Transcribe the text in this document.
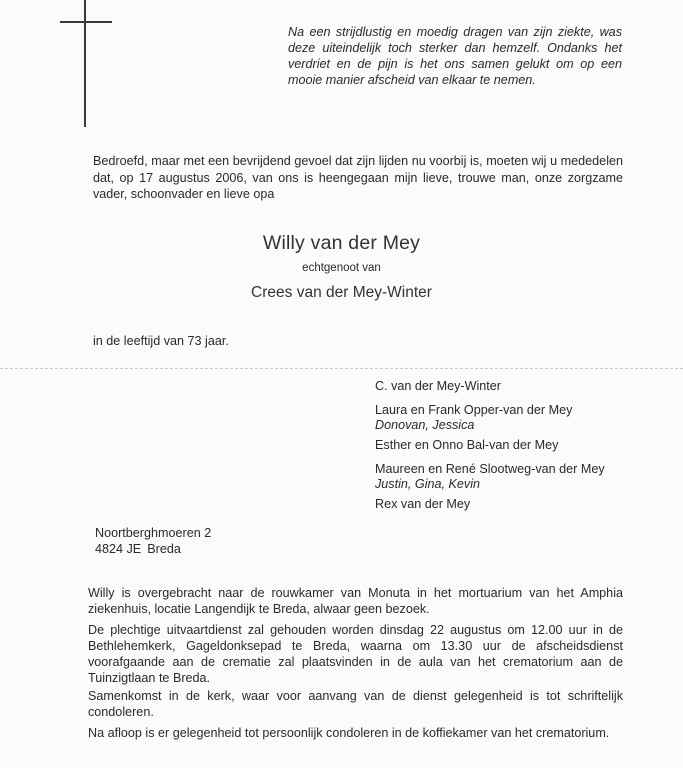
Na een strijdlustig en moedig dragen van zijn ziekte, was deze uiteindelijk toch sterker dan hemzelf. Ondanks het verdriet en de pijn is het ons samen gelukt om op een mooie manier afscheid van elkaar te nemen.

Bedroefd, maar met een bevrijdend gevoel dat zijn lijden nu voorbij is, moeten wij u mededelen dat, op 17 augustus 2006, van ons is heengegaan mijn lieve, trouwe man, onze zorgzame vader, schoonvader en lieve opa

Willy van der Mey
echtgenoot van
Crees van der Mey-Winter
in de leeftijd van 73 jaar.
C. van der Mey-Winter
Laura en Frank Opper-van der Mey
Donovan, Jessica
Esther en Onno Bal-van der Mey
Maureen en René Slootweg-van der Mey
Justin, Gina, Kevin
Rex van der Mey
Noortberghmoeren 2
4824 JE Breda

Willy is overgebracht naar de rouwkamer van Monuta in het mortuarium van het Amphia ziekenhuis, locatie Langendijk te Breda, alwaar geen bezoek.

De plechtige uitvaartdienst zal gehouden worden dinsdag 22 augustus om 12.00 uur in de Bethlehemkerk, Gageldonksepad te Breda, waarna om 13.30 uur de afscheidsdienst voorafgaande aan de crematie zal plaatsvinden in de aula van het crematorium aan de Tuinzigtlaan te Breda.

Samenkomst in de kerk, waar voor aanvang van de dienst gelegenheid is tot schriftelijk condoleren.

Na afloop is er gelegenheid tot persoonlijk condoleren in de koffiekamer van het crematorium.
